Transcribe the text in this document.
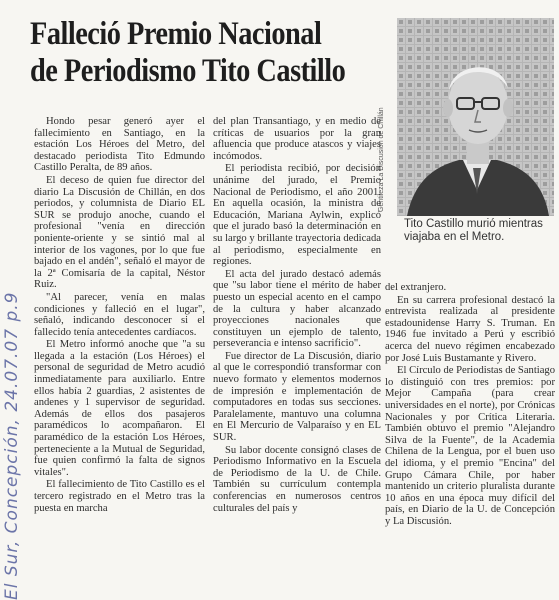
Falleció Premio Nacional
de Periodismo Tito Castillo
Gentileza La Discusión de Chillán
Tito Castillo murió mientras viajaba en el Metro.

Hondo pesar generó ayer el fallecimiento en Santiago, en la estación Los Héroes del Metro, del destacado periodista Tito Edmundo Castillo Peralta, de 89 años.

El deceso de quien fue director del diario La Discusión de Chillán, en dos periodos, y columnista de Diario EL SUR se produjo anoche, cuando el profesional "venía en dirección poniente-oriente y se sintió mal al interior de los vagones, por lo que fue bajado en el andén", señaló el mayor de la 2ª Comisaría de la capital, Néstor Ruiz.

"Al parecer, venía en malas condiciones y falleció en el lugar", señaló, indicando desconocer si el fallecido tenía antecedentes cardíacos.

El Metro informó anoche que "a su llegada a la estación (Los Héroes) el personal de seguridad de Metro acudió inmediatamente para auxiliarlo. Entre ellos había 2 guardias, 2 asistentes de andenes y 1 supervisor de seguridad. Además de ellos dos pasajeros paramédicos lo acompañaron. El paramédico de la estación Los Héroes, perteneciente a la Mutual de Seguridad, fue quien confirmó la falta de signos vitales".

El fallecimiento de Tito Castillo es el tercero registrado en el Metro tras la puesta en marcha

del plan Transantiago, y en medio de críticas de usuarios por la gran afluencia que produce atascos y viajes incómodos.

El periodista recibió, por decisión unánime del jurado, el Premio Nacional de Periodismo, el año 2001. En aquella ocasión, la ministra de Educación, Mariana Aylwin, explicó que el jurado basó la determinación en su largo y brillante trayectoria dedicada al periodismo, especialmente en regiones.

El acta del jurado destacó además que "su labor tiene el mérito de haber puesto un especial acento en el campo de la cultura y haber alcanzado proyecciones nacionales que constituyen un ejemplo de talento, perseverancia e intenso sacrificio".

Fue director de La Discusión, diario al que le correspondió transformar con nuevo formato y elementos modernos de impresión e implementación de computadores en todas sus secciones. Paralelamente, mantuvo una columna en El Mercurio de Valparaíso y en EL SUR.

Su labor docente consignó clases de Periodismo Informativo en la Escuela de Periodismo de la U. de Chile. También su currículum contempla conferencias en numerosos centros culturales del país y

del extranjero.

En su carrera profesional destacó la entrevista realizada al presidente estadounidense Harry S. Truman. En 1946 fue invitado a Perú y escribió acerca del nuevo régimen encabezado por José Luis Bustamante y Rivero.

El Círculo de Periodistas de Santiago lo distinguió con tres premios: por Mejor Campaña (para crear universidades en el norte), por Crónicas Nacionales y por Crítica Literaria. También obtuvo el premio "Alejandro Silva de la Fuente", de la Academia Chilena de la Lengua, por el buen uso del idioma, y el premio "Encina" del Grupo Cámara Chile, por haber mantenido un criterio pluralista durante 10 años en una época muy difícil del país, en Diario de la U. de Concepción y La Discusión.

El Sur, Concepción, 24.07.07 p.9
